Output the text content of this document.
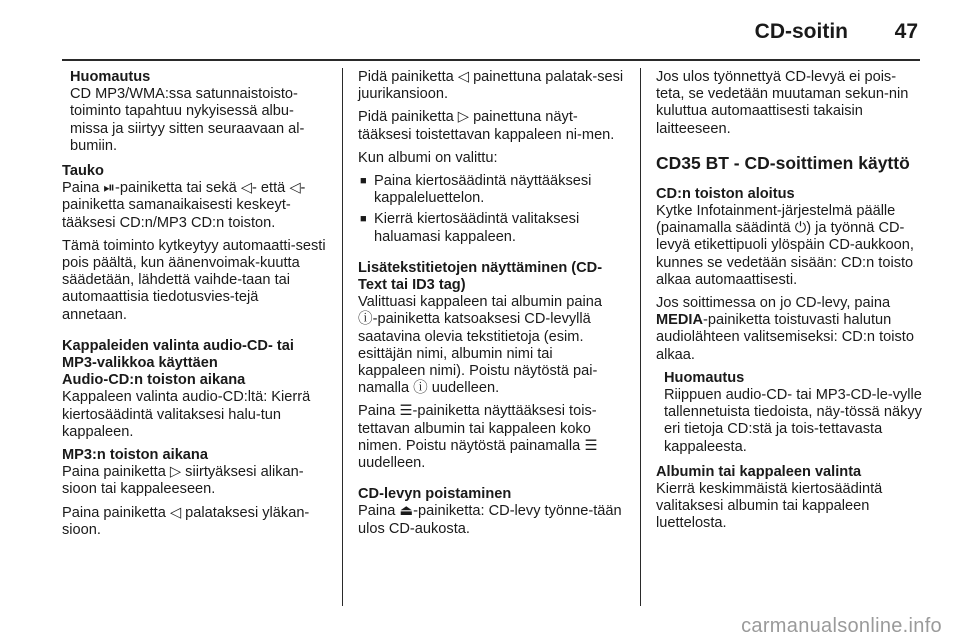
CD-soitin 47
Huomautus
CD MP3/WMA:ssa satunnaistoisto-toiminto tapahtuu nykyisessä albu-missa ja siirtyy sitten seuraavaan al-bumiin.
Tauko

Paina ⏯-painiketta tai sekä ◁- että ◁-painiketta samanaikaisesti keskeyt-tääksesi CD:n/MP3 CD:n toiston.

Tämä toiminto kytkeytyy automaatti-sesti pois päältä, kun äänenvoimak-kuutta säädetään, lähdettä vaihde-taan tai automaattisia tiedotusvies-tejä annetaan.

Kappaleiden valinta audio-CD- tai MP3-valikkoa käyttäen
Audio-CD:n toiston aikana

Kappaleen valinta audio-CD:ltä: Kierrä kiertosäädintä valitaksesi halu-tun kappaleen.

MP3:n toiston aikana

Paina painiketta ▷ siirtyäksesi alikan-sioon tai kappaleeseen.

Paina painiketta ◁ palataksesi yläkan-sioon.

Pidä painiketta ◁ painettuna palatak-sesi juurikansioon.

Pidä painiketta ▷ painettuna näyt-tääksesi toistettavan kappaleen ni-men.

Kun albumi on valittu:

■ Paina kiertosäädintä näyttääksesi kappaleluettelon.
■ Kierrä kiertosäädintä valitaksesi haluamasi kappaleen.
Lisätekstitietojen näyttäminen (CD-Text tai ID3 tag)

Valittuasi kappaleen tai albumin paina ⓘ-painiketta katsoaksesi CD-levyllä saatavina olevia tekstitietoja (esim. esittäjän nimi, albumin nimi tai kappaleen nimi). Poistu näytöstä pai-namalla ⓘ uudelleen.

Paina ☰-painiketta näyttääksesi tois-tettavan albumin tai kappaleen koko nimen. Poistu näytöstä painamalla ☰ uudelleen.

CD-levyn poistaminen

Paina ⏏-painiketta: CD-levy työnne-tään ulos CD-aukosta.

Jos ulos työnnettyä CD-levyä ei pois-teta, se vedetään muutaman sekun-nin kuluttua automaattisesti takaisin laitteeseen.

CD35 BT - CD-soittimen käyttö
CD:n toiston aloitus

Kytke Infotainment-järjestelmä päälle (painamalla säädintä ⏻) ja työnnä CD-levyä etikettipuoli ylöspäin CD-aukkoon, kunnes se vedetään sisään: CD:n toisto alkaa automaattisesti.

Jos soittimessa on jo CD-levy, paina MEDIA-painiketta toistuvasti halutun audiolähteen valitsemiseksi: CD:n toisto alkaa.

Huomautus
Riippuen audio-CD- tai MP3-CD-le-vylle tallennetuista tiedoista, näy-tössä näkyy eri tietoja CD:stä ja tois-tettavasta kappaleesta.
Albumin tai kappaleen valinta

Kierrä keskimmäistä kiertosäädintä valitaksesi albumin tai kappaleen luettelosta.

carmanualsonline.info
